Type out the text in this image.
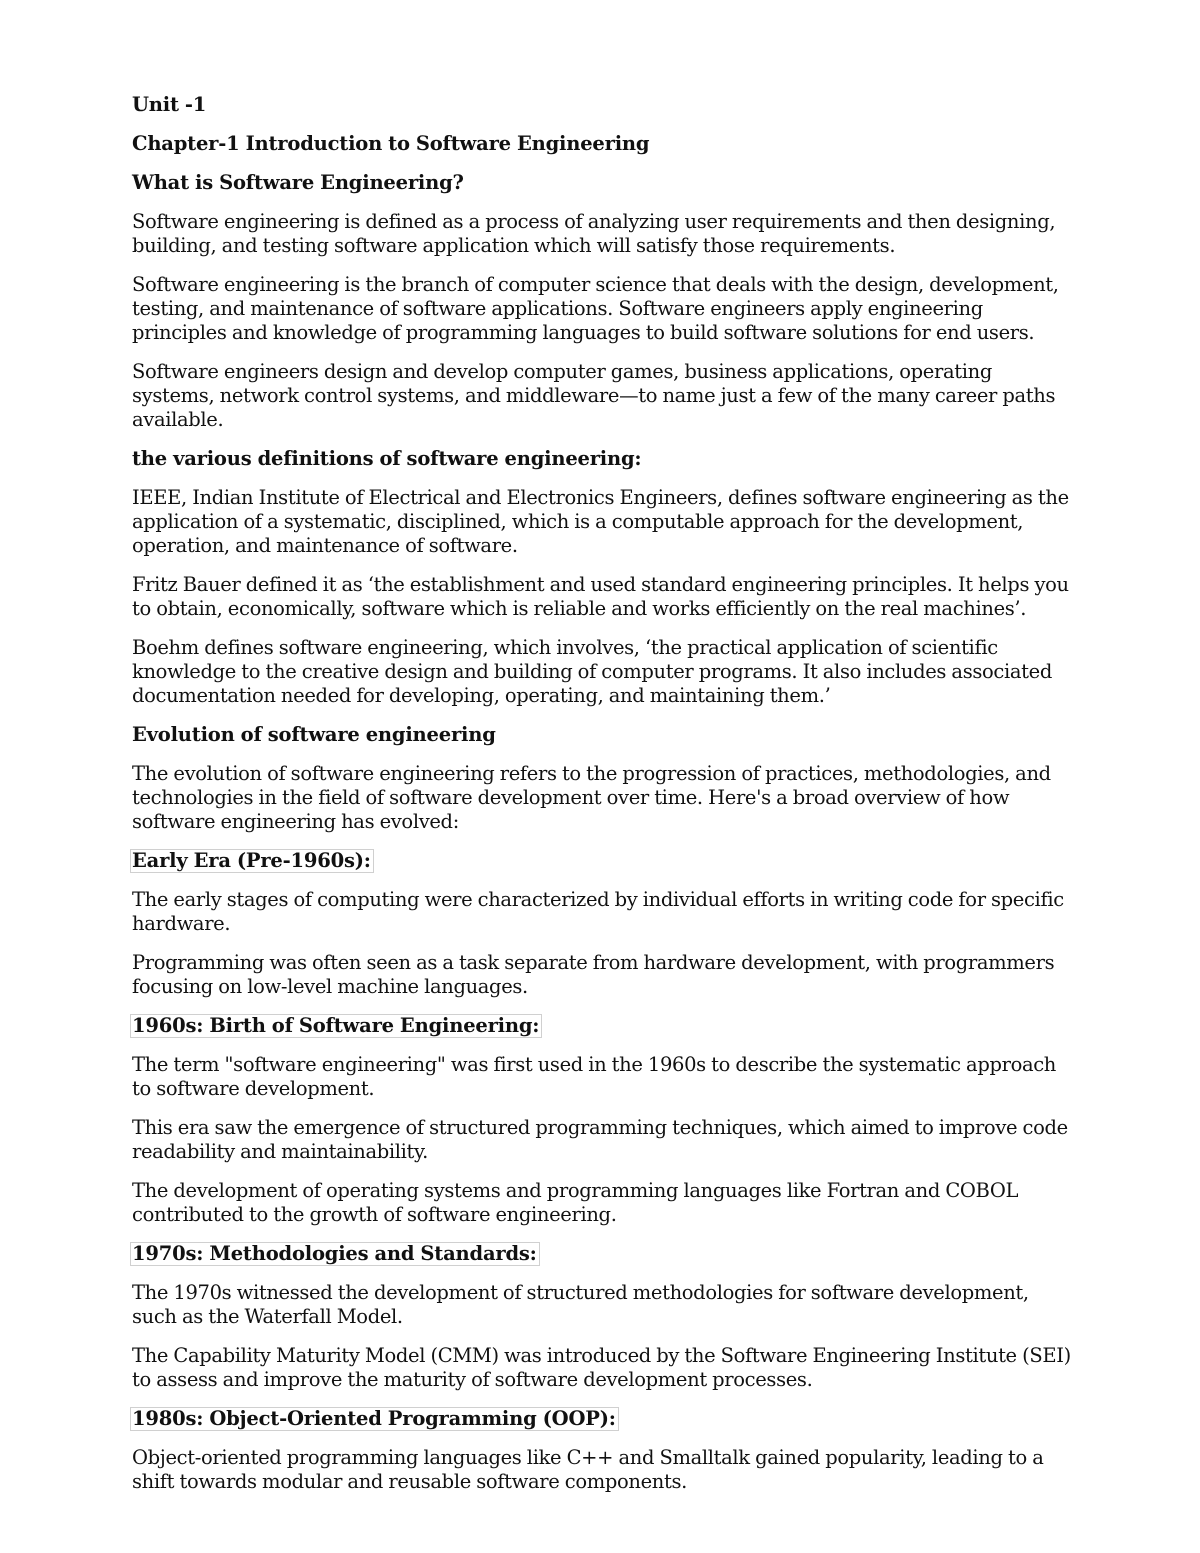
Unit -1
Chapter-1 Introduction to Software Engineering
What is Software Engineering?
Software engineering is defined as a process of analyzing user requirements and then designing, building, and testing software application which will satisfy those requirements.
Software engineering is the branch of computer science that deals with the design, development, testing, and maintenance of software applications. Software engineers apply engineering principles and knowledge of programming languages to build software solutions for end users.
Software engineers design and develop computer games, business applications, operating systems, network control systems, and middleware—to name just a few of the many career paths available.
the various definitions of software engineering:
IEEE, Indian Institute of Electrical and Electronics Engineers, defines software engineering as the application of a systematic, disciplined, which is a computable approach for the development, operation, and maintenance of software.
Fritz Bauer defined it as ‘the establishment and used standard engineering principles. It helps you to obtain, economically, software which is reliable and works efficiently on the real machines’.
Boehm defines software engineering, which involves, ‘the practical application of scientific knowledge to the creative design and building of computer programs. It also includes associated documentation needed for developing, operating, and maintaining them.’
Evolution of software engineering
The evolution of software engineering refers to the progression of practices, methodologies, and technologies in the field of software development over time. Here's a broad overview of how software engineering has evolved:
Early Era (Pre-1960s):
The early stages of computing were characterized by individual efforts in writing code for specific hardware.
Programming was often seen as a task separate from hardware development, with programmers focusing on low-level machine languages.
1960s: Birth of Software Engineering:
The term "software engineering" was first used in the 1960s to describe the systematic approach to software development.
This era saw the emergence of structured programming techniques, which aimed to improve code readability and maintainability.
The development of operating systems and programming languages like Fortran and COBOL contributed to the growth of software engineering.
1970s: Methodologies and Standards:
The 1970s witnessed the development of structured methodologies for software development, such as the Waterfall Model.
The Capability Maturity Model (CMM) was introduced by the Software Engineering Institute (SEI) to assess and improve the maturity of software development processes.
1980s: Object-Oriented Programming (OOP):
Object-oriented programming languages like C++ and Smalltalk gained popularity, leading to a shift towards modular and reusable software components.
